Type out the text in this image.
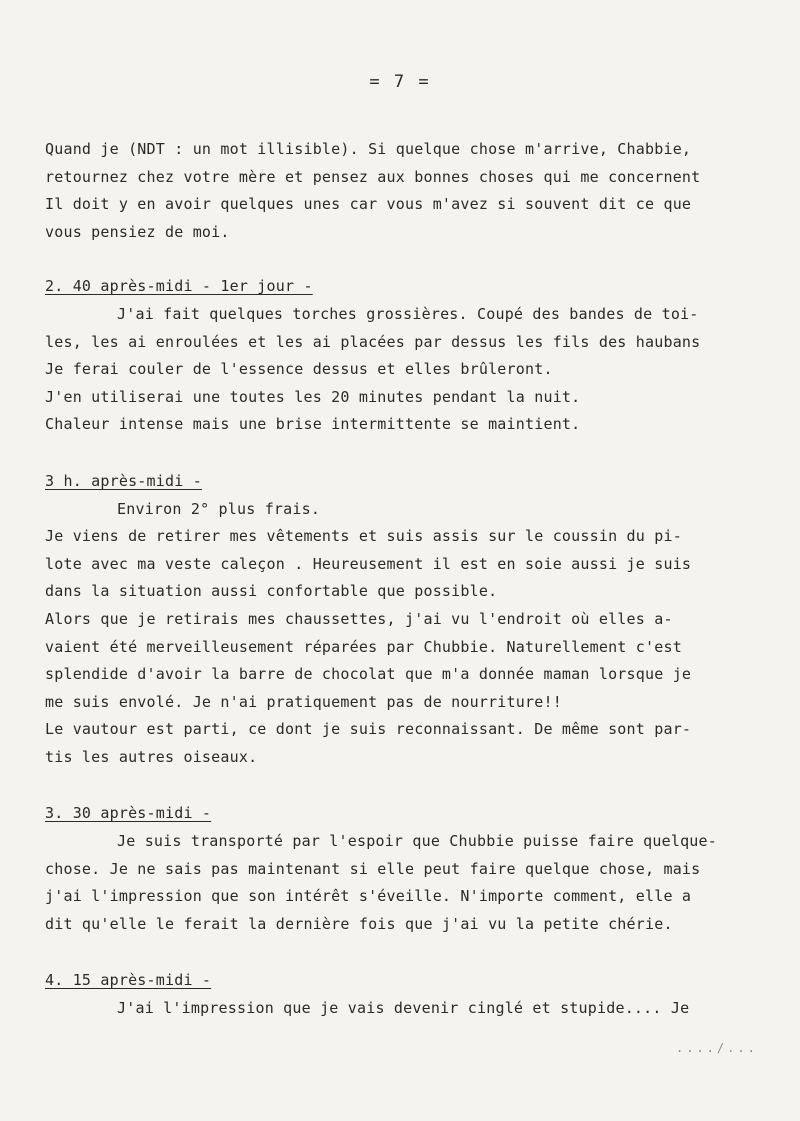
= 7 =

Quand je (NDT : un mot illisible). Si quelque chose m'arrive, Chabbie,

retournez chez votre mère et pensez aux bonnes choses qui me concernent

Il doit y en avoir quelques unes car vous m'avez si souvent dit ce que

vous pensiez de moi.

2. 40 après-midi - 1er jour -

J'ai fait quelques torches grossières. Coupé des bandes de toi-

les, les ai enroulées et les ai placées par dessus les fils des haubans

Je ferai couler de l'essence dessus et elles brûleront.

J'en utiliserai une toutes les 20 minutes pendant la nuit.

Chaleur intense mais une brise intermittente se maintient.

3 h. après-midi -

Environ 2° plus frais.

Je viens de retirer mes vêtements et suis assis sur le coussin du pi-

lote avec ma veste caleçon . Heureusement il est en soie aussi je suis

dans la situation aussi confortable que possible.

Alors que je retirais mes chaussettes, j'ai vu l'endroit où elles a-

vaient été merveilleusement réparées par Chubbie. Naturellement c'est

splendide d'avoir la barre de chocolat que m'a donnée maman lorsque je

me suis envolé. Je n'ai pratiquement pas de nourriture!!

Le vautour est parti, ce dont je suis reconnaissant. De même sont par-

tis les autres oiseaux.

3. 30 après-midi -

Je suis transporté par l'espoir que Chubbie puisse faire quelque-

chose. Je ne sais pas maintenant si elle peut faire quelque chose, mais

j'ai l'impression que son intérêt s'éveille. N'importe comment, elle a

dit qu'elle le ferait la dernière fois que j'ai vu la petite chérie.

4. 15 après-midi -

J'ai l'impression que je vais devenir cinglé et stupide.... Je

..../...
